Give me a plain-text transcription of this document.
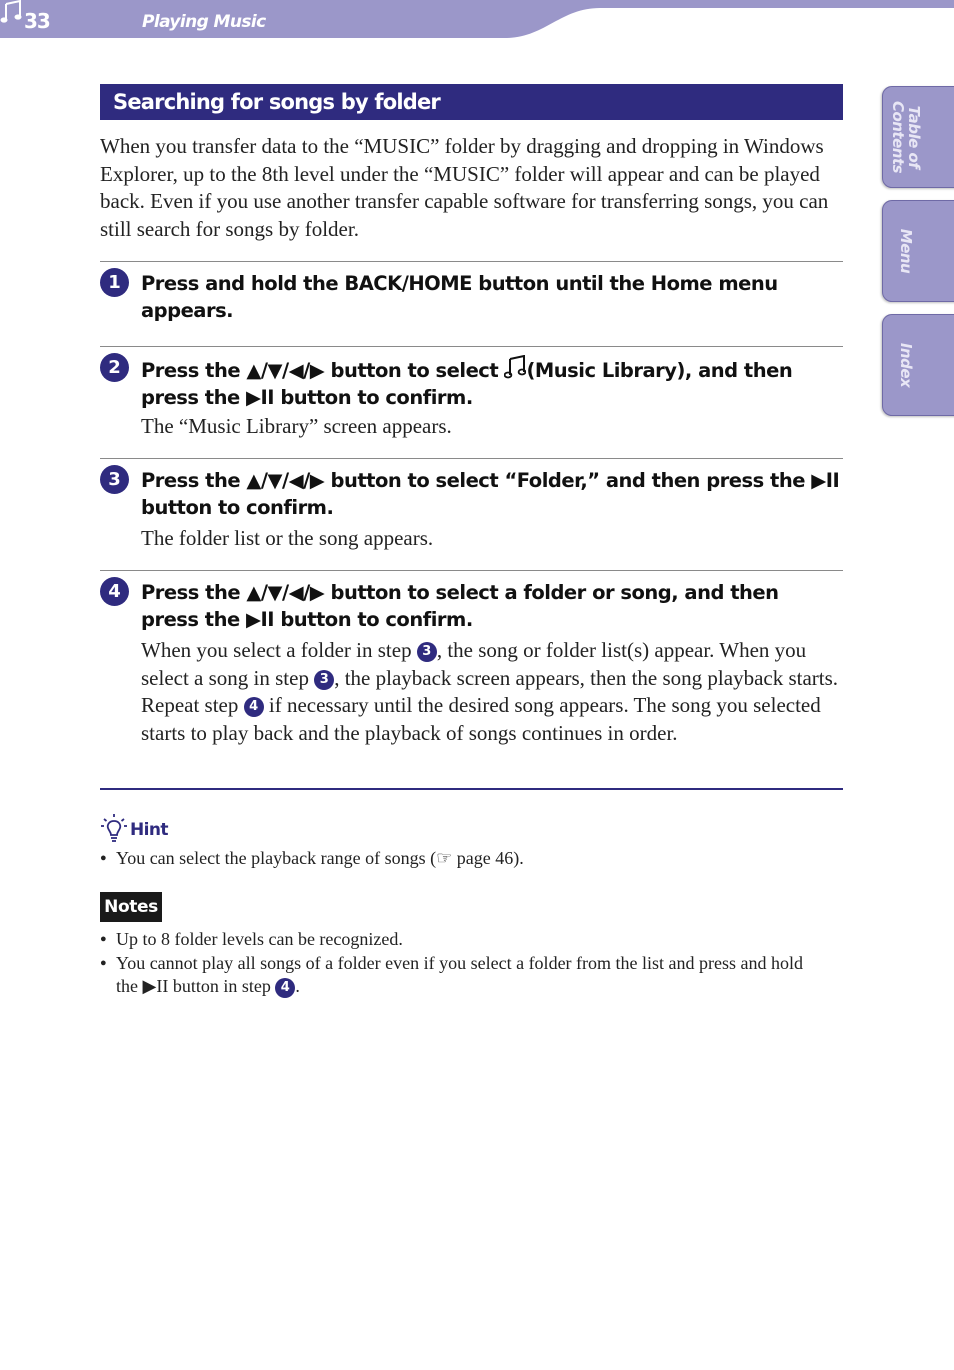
33	Playing Music
Table of
Contents
Menu
Index
Searching for songs by folder

When you transfer data to the “MUSIC” folder by dragging and dropping in Windows Explorer, up to the 8th level under the “MUSIC” folder will appear and can be played back. Even if you use another transfer capable software for transferring songs, you can still search for songs by folder.

1	Press and hold the BACK/HOME button until the Home menu appears.
2	Press the ▲/▼/◀/▶ button to select (Music Library), and then press the ▶II button to confirm.
The “Music Library” screen appears.
3	Press the ▲/▼/◀/▶ button to select “Folder,” and then press the ▶II button to confirm.
The folder list or the song appears.
4	Press the ▲/▼/◀/▶ button to select a folder or song, and then press the ▶II button to confirm.
When you select a folder in step 3 , the song or folder list(s) appear. When you select a song in step 3 , the playback screen appears, then the song playback starts. Repeat step 4 if necessary until the desired song appears. The song you selected starts to play back and the playback of songs continues in order.
Hint
● You can select the playback range of songs (☞ page 46).
Notes
● Up to 8 folder levels can be recognized.
● You cannot play all songs of a folder even if you select a folder from the list and press and hold the ▶II button in step 4 .
